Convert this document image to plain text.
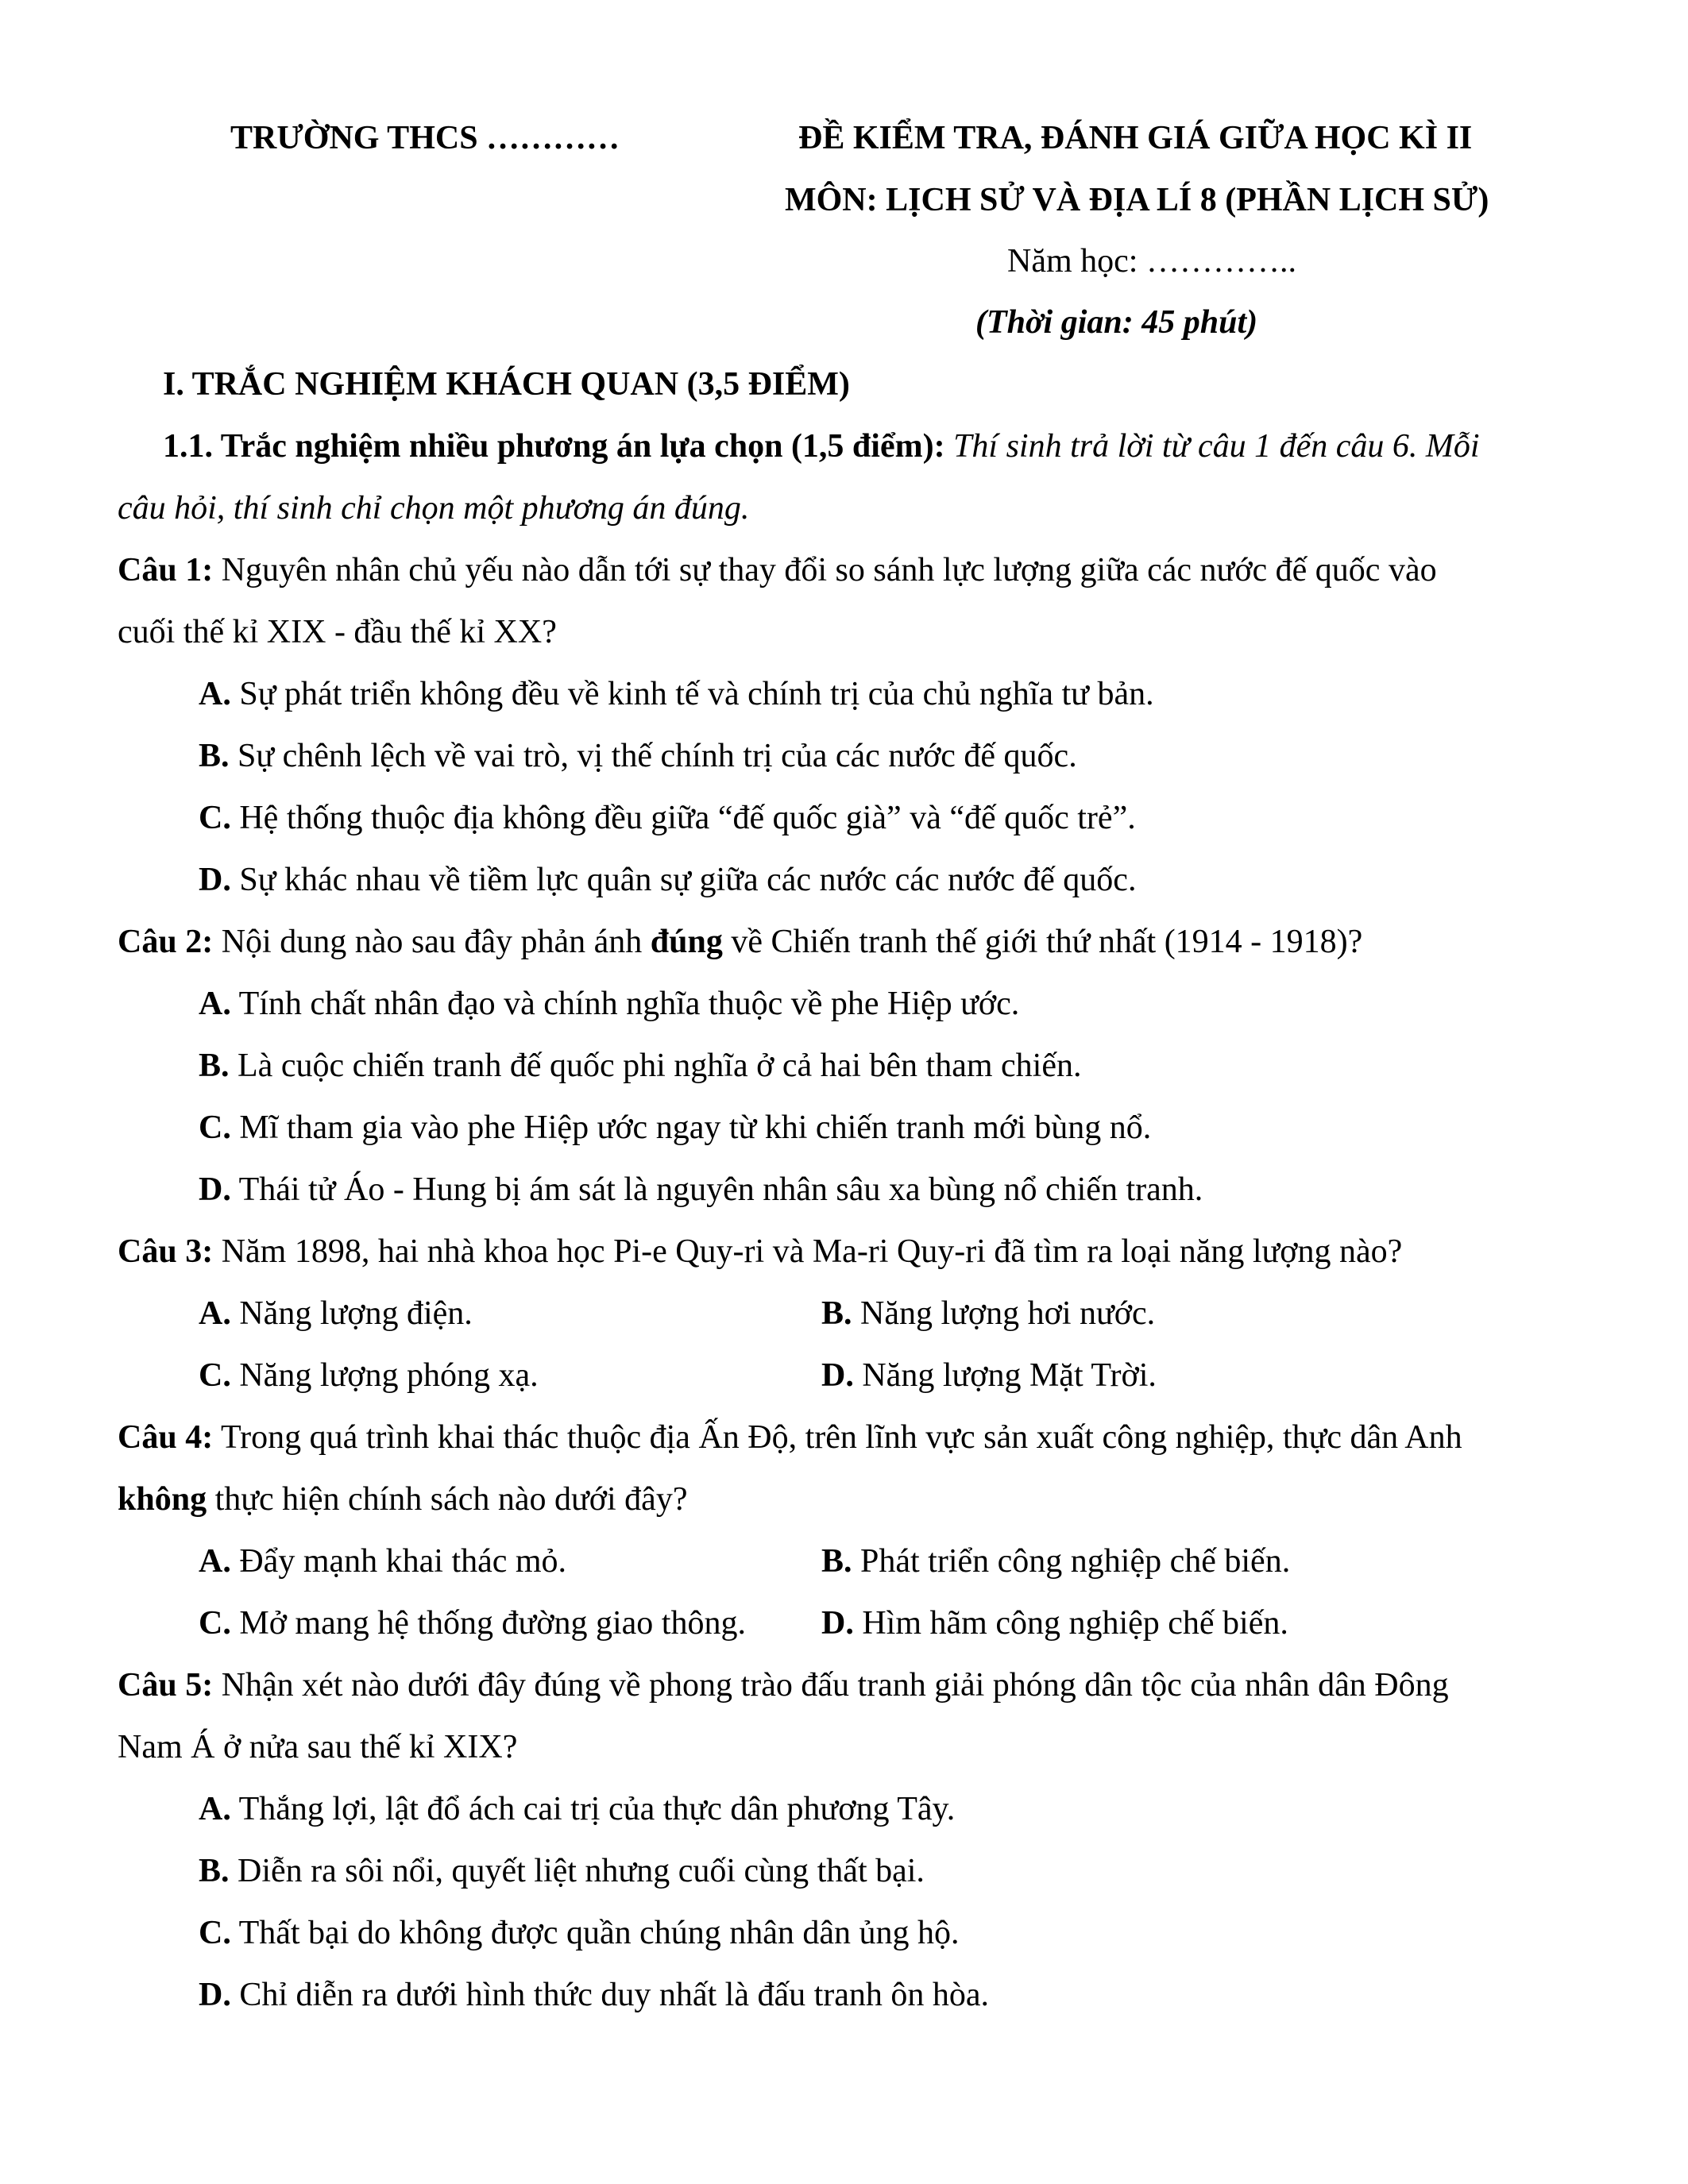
TRƯỜNG THCS …………	ĐỀ KIỂM TRA, ĐÁNH GIÁ GIỮA HỌC KÌ II
MÔN: LỊCH SỬ VÀ ĐỊA LÍ 8 (PHẦN LỊCH SỬ)
Năm học: …………..
(Thời gian: 45 phút)
I. TRẮC NGHIỆM KHÁCH QUAN (3,5 ĐIỂM)
1.1. Trắc nghiệm nhiều phương án lựa chọn (1,5 điểm): Thí sinh trả lời từ câu 1 đến câu 6. Mỗi
câu hỏi, thí sinh chỉ chọn một phương án đúng.
Câu 1: Nguyên nhân chủ yếu nào dẫn tới sự thay đổi so sánh lực lượng giữa các nước đế quốc vào
cuối thế kỉ XIX - đầu thế kỉ XX?
A. Sự phát triển không đều về kinh tế và chính trị của chủ nghĩa tư bản.
B. Sự chênh lệch về vai trò, vị thế chính trị của các nước đế quốc.
C. Hệ thống thuộc địa không đều giữa “đế quốc già” và “đế quốc trẻ”.
D. Sự khác nhau về tiềm lực quân sự giữa các nước các nước đế quốc.
Câu 2: Nội dung nào sau đây phản ánh đúng về Chiến tranh thế giới thứ nhất (1914 - 1918)?
A. Tính chất nhân đạo và chính nghĩa thuộc về phe Hiệp ước.
B. Là cuộc chiến tranh đế quốc phi nghĩa ở cả hai bên tham chiến.
C. Mĩ tham gia vào phe Hiệp ước ngay từ khi chiến tranh mới bùng nổ.
D. Thái tử Áo - Hung bị ám sát là nguyên nhân sâu xa bùng nổ chiến tranh.
Câu 3: Năm 1898, hai nhà khoa học Pi-e Quy-ri và Ma-ri Quy-ri đã tìm ra loại năng lượng nào?
A. Năng lượng điện.	B. Năng lượng hơi nước.
C. Năng lượng phóng xạ.	D. Năng lượng Mặt Trời.
Câu 4: Trong quá trình khai thác thuộc địa Ấn Độ, trên lĩnh vực sản xuất công nghiệp, thực dân Anh
không thực hiện chính sách nào dưới đây?
A. Đẩy mạnh khai thác mỏ.	B. Phát triển công nghiệp chế biến.
C. Mở mang hệ thống đường giao thông. D. Hìm hãm công nghiệp chế biến.
Câu 5: Nhận xét nào dưới đây đúng về phong trào đấu tranh giải phóng dân tộc của nhân dân Đông
Nam Á ở nửa sau thế kỉ XIX?
A. Thắng lợi, lật đổ ách cai trị của thực dân phương Tây.
B. Diễn ra sôi nổi, quyết liệt nhưng cuối cùng thất bại.
C. Thất bại do không được quần chúng nhân dân ủng hộ.
D. Chỉ diễn ra dưới hình thức duy nhất là đấu tranh ôn hòa.
